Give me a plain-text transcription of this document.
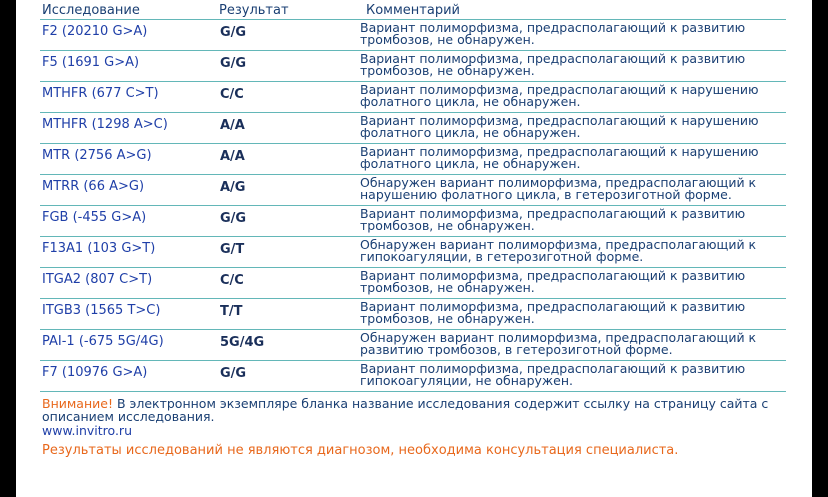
Исследование	Результат	Комментарий
F2 (20210 G>A)	G/G	Вариант полиморфизма, предрасполагающий к развитию тромбозов, не обнаружен.
F5 (1691 G>A)	G/G	Вариант полиморфизма, предрасполагающий к развитию тромбозов, не обнаружен.
MTHFR (677 C>T)	C/C	Вариант полиморфизма, предрасполагающий к нарушению фолатного цикла, не обнаружен.
MTHFR (1298 A>C)	A/A	Вариант полиморфизма, предрасполагающий к нарушению фолатного цикла, не обнаружен.
MTR (2756 A>G)	A/A	Вариант полиморфизма, предрасполагающий к нарушению фолатного цикла, не обнаружен.
MTRR (66 A>G)	A/G	Обнаружен вариант полиморфизма, предрасполагающий к нарушению фолатного цикла, в гетерозиготной форме.
FGB (-455 G>A)	G/G	Вариант полиморфизма, предрасполагающий к развитию тромбозов, не обнаружен.
F13A1 (103 G>T)	G/T	Обнаружен вариант полиморфизма, предрасполагающий к гипокоагуляции, в гетерозиготной форме.
ITGA2 (807 C>T)	C/C	Вариант полиморфизма, предрасполагающий к развитию тромбозов, не обнаружен.
ITGB3 (1565 T>C)	T/T	Вариант полиморфизма, предрасполагающий к развитию тромбозов, не обнаружен.
PAI-1 (-675 5G/4G)	5G/4G	Обнаружен вариант полиморфизма, предрасполагающий к развитию тромбозов, в гетерозиготной форме.
F7 (10976 G>A)	G/G	Вариант полиморфизма, предрасполагающий к развитию гипокоагуляции, не обнаружен.
Внимание! В электронном экземпляре бланка название исследования содержит ссылку на страницу сайта с описанием исследования.
www.invitro.ru
Результаты исследований не являются диагнозом, необходима консультация специалиста.
